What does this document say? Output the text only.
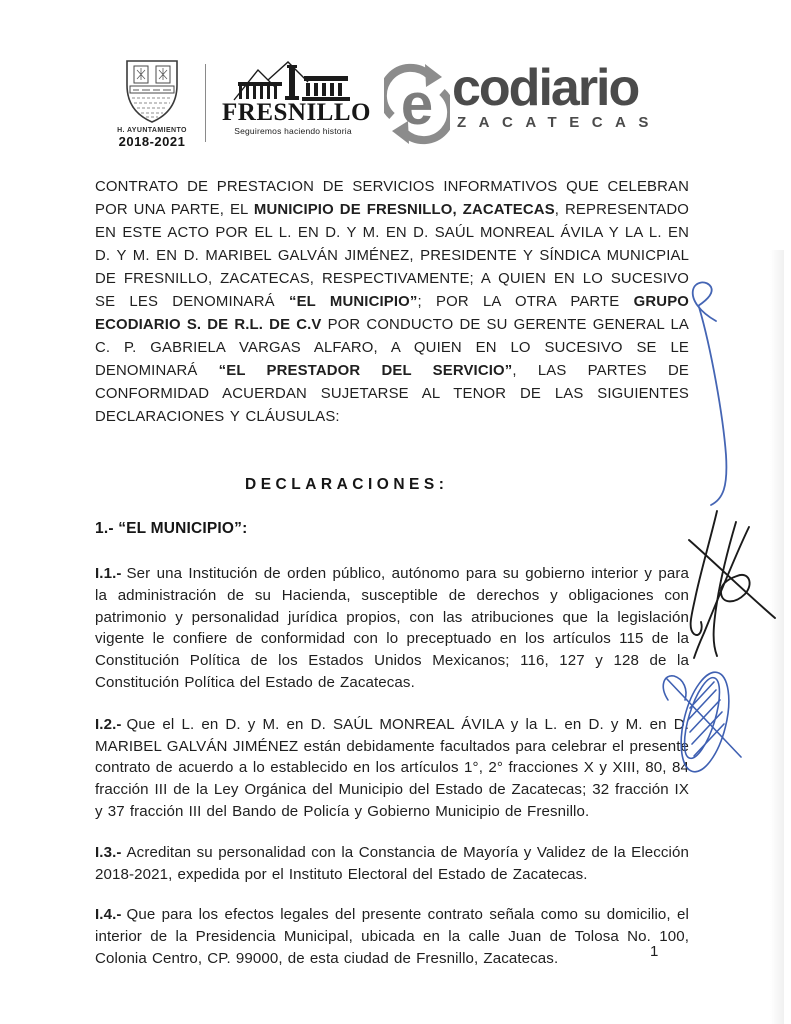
H. AYUNTAMIENTO
2018-2021
FRESNILLO
Seguiremos haciendo historia e codiario
ZACATECAS

CONTRATO DE PRESTACION DE SERVICIOS INFORMATIVOS QUE CELEBRAN POR UNA PARTE, EL MUNICIPIO DE FRESNILLO, ZACATECAS, REPRESENTADO EN ESTE ACTO POR EL L. EN D. Y M. EN D. SAÚL MONREAL ÁVILA Y LA L. EN D. Y M. EN D. MARIBEL GALVÁN JIMÉNEZ, PRESIDENTE Y SÍNDICA MUNICPIAL DE FRESNILLO, ZACATECAS, RESPECTIVAMENTE; A QUIEN EN LO SUCESIVO SE LES DENOMINARÁ “EL MUNICIPIO”; POR LA OTRA PARTE GRUPO ECODIARIO S. DE R.L. DE C.V POR CONDUCTO DE SU GERENTE GENERAL LA C. P. GABRIELA VARGAS ALFARO, A QUIEN EN LO SUCESIVO SE LE DENOMINARÁ “EL PRESTADOR DEL SERVICIO”, LAS PARTES DE CONFORMIDAD ACUERDAN SUJETARSE AL TENOR DE LAS SIGUIENTES DECLARACIONES Y CLÁUSULAS:

DECLARACIONES:
1.- “EL MUNICIPIO”:

I.1.- Ser una Institución de orden público, autónomo para su gobierno interior y para la administración de su Hacienda, susceptible de derechos y obligaciones con patrimonio y personalidad jurídica propios, con las atribuciones que la legislación vigente le confiere de conformidad con lo preceptuado en los artículos 115 de la Constitución Política de los Estados Unidos Mexicanos; 116, 127 y 128 de la Constitución Política del Estado de Zacatecas.

I.2.- Que el L. en D. y M. en D. SAÚL MONREAL ÁVILA y la L. en D. y M. en D. MARIBEL GALVÁN JIMÉNEZ están debidamente facultados para celebrar el presente contrato de acuerdo a lo establecido en los artículos 1°, 2° fracciones X y XIII, 80, 84 fracción III de la Ley Orgánica del Municipio del Estado de Zacatecas; 32 fracción IX y 37 fracción III del Bando de Policía y Gobierno Municipio de Fresnillo.

I.3.- Acreditan su personalidad con la Constancia de Mayoría y Validez de la Elección 2018-2021, expedida por el Instituto Electoral del Estado de Zacatecas.

I.4.- Que para los efectos legales del presente contrato señala como su domicilio, el interior de la Presidencia Municipal, ubicada en la calle Juan de Tolosa No. 100, Colonia Centro, CP. 99000, de esta ciudad de Fresnillo, Zacatecas.	1
